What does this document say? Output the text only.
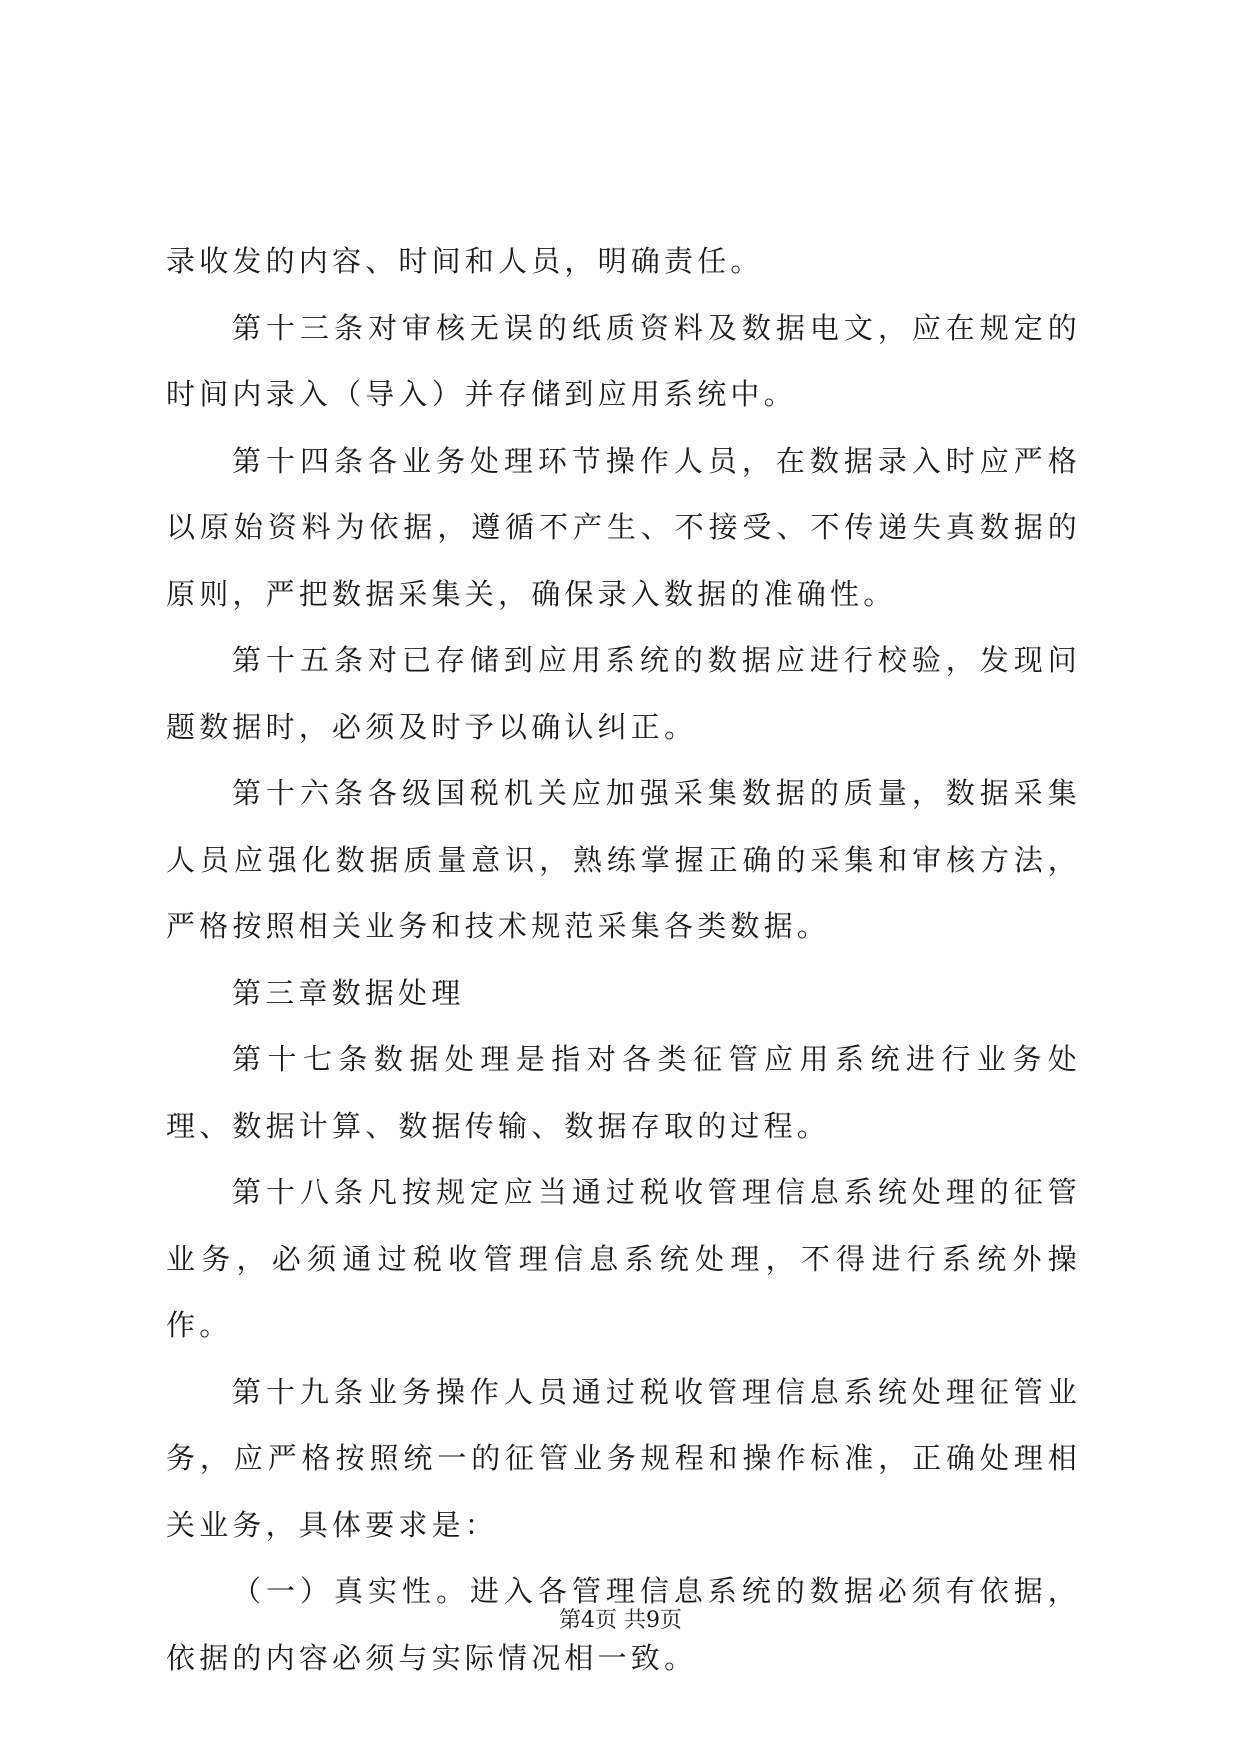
录收发的内容、时间和人员，明确责任。

第十三条对审核无误的纸质资料及数据电文，应在规定的时间内录入（导入）并存储到应用系统中。

第十四条各业务处理环节操作人员，在数据录入时应严格以原始资料为依据，遵循不产生、不接受、不传递失真数据的原则，严把数据采集关，确保录入数据的准确性。

第十五条对已存储到应用系统的数据应进行校验，发现问题数据时，必须及时予以确认纠正。

第十六条各级国税机关应加强采集数据的质量，数据采集人员应强化数据质量意识，熟练掌握正确的采集和审核方法，严格按照相关业务和技术规范采集各类数据。

第三章数据处理

第十七条数据处理是指对各类征管应用系统进行业务处理、数据计算、数据传输、数据存取的过程。

第十八条凡按规定应当通过税收管理信息系统处理的征管业务，必须通过税收管理信息系统处理，不得进行系统外操作。

第十九条业务操作人员通过税收管理信息系统处理征管业务，应严格按照统一的征管业务规程和操作标准，正确处理相关业务，具体要求是：

（一）真实性。进入各管理信息系统的数据必须有依据，依据的内容必须与实际情况相一致。

第4页 共9页
